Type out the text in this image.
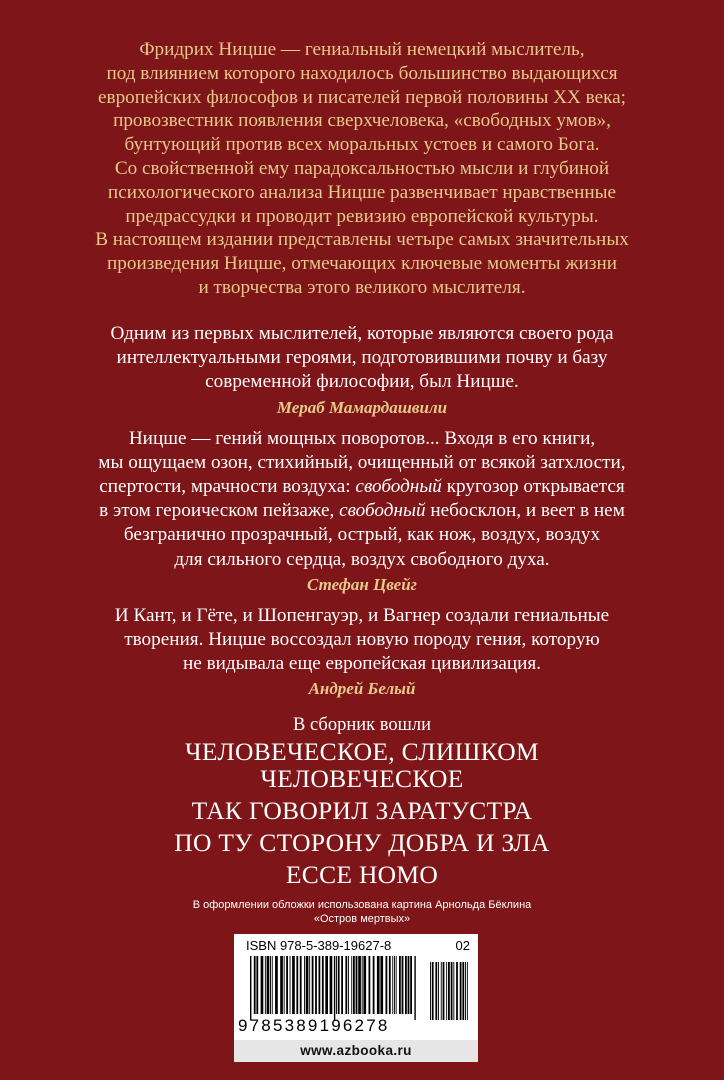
Фридрих Ницше — гениальный немецкий мыслитель,

под влиянием которого находилось большинство выдающихся

европейских философов и писателей первой половины XX века;

провозвестник появления сверхчеловека, «свободных умов»,

бунтующий против всех моральных устоев и самого Бога.

Со свойственной ему парадоксальностью мысли и глубиной

психологического анализа Ницше развенчивает нравственные

предрассудки и проводит ревизию европейской культуры.

В настоящем издании представлены четыре самых значительных

произведения Ницше, отмечающих ключевые моменты жизни

и творчества этого великого мыслителя.

Одним из первых мыслителей, которые являются своего рода

интеллектуальными героями, подготовившими почву и базу

современной философии, был Ницше.

Мераб Мамардашвили

Ницше — гений мощных поворотов... Входя в его книги,

мы ощущаем озон, стихийный, очищенный от всякой затхлости,

спертости, мрачности воздуха: свободный кругозор открывается

в этом героическом пейзаже, свободный небосклон, и веет в нем

безгранично прозрачный, острый, как нож, воздух, воздух

для сильного сердца, воздух свободного духа.

Стефан Цвейг

И Кант, и Гёте, и Шопенгауэр, и Вагнер создали гениальные

творения. Ницше воссоздал новую породу гения, которую

не видывала еще европейская цивилизация.

Андрей Белый
В сборник вошли
ЧЕЛОВЕЧЕСКОЕ, СЛИШКОМ
ЧЕЛОВЕЧЕСКОЕ
ТАК ГОВОРИЛ ЗАРАТУСТРА
ПО ТУ СТОРОНУ ДОБРА И ЗЛА
ECCE HOMO
В оформлении обложки использована картина Арнольда Бёклина
«Остров мертвых»
ISBN 978-5-389-19627-8	02
9785389196278
www.azbooka.ru
